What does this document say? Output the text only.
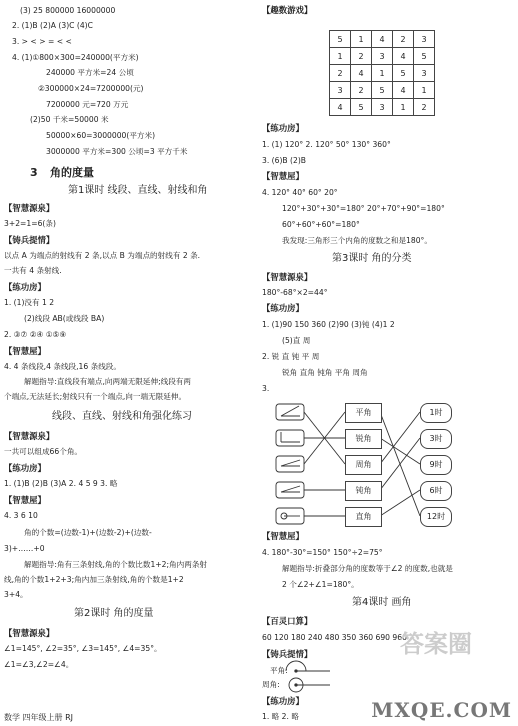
(3) 25 800000 16000000
2. (1)B (2)A (3)C (4)C
3. > < > = < <
4. (1)①800×300=240000(平方米)
240000 平方米=24 公顷
②300000×24=7200000(元)
7200000 元=720 万元
(2)50 千米=50000 米
50000×60=3000000(平方米)
3000000 平方米=300 公顷=3 平方千米
3 角的度量
第1课时 线段、直线、射线和角
【智慧源泉】
3+2=1=6(条)
【铸兵提情】
以点 A 为端点的射线有 2 条,以点 B 为端点的射线有 2 条.
一共有 4 条射线.
【练功房】
1. (1)没有 1 2
(2)线段 AB(或线段 BA)
2. ③⑦ ②④ ①⑤⑨
【智慧屋】
4. 4 条线段,4 条线段,16 条线段。
解题指导:直线段有端点,向两端无限延伸;线段有两
个端点,无法延长;射线只有一个端点,向一端无限延伸。
线段、直线、射线和角强化练习
【智慧源泉】
一共可以组成66个角。
【练功房】
1. (1)B (2)B (3)A 2. 4 5 9 3. 略
【智慧屋】
4. 3 6 10
角的个数=(边数-1)+(边数-2)+(边数-
3)+……+0
解题指导:角有三条射线,角的个数比数1+2;角内两条射
线,角的个数1+2+3;角内加三条射线,角的个数是1+2
3+4。
第2课时 角的度量
【智慧源泉】
∠1=145°, ∠2=35°, ∠3=145°, ∠4=35°。
∠1=∠3,∠2=∠4。
【趣数游戏】
5	1	4	2	3
1	2	3	4	5
2	4	1	5	3
3	2	5	4	1
4	5	3	1	2
【练功房】
1. (1) 120° 2. 120° 50° 130° 360°
3. (6)B (2)B
【智慧屋】
4. 120° 40° 60° 20°
120°+30°+30°=180° 20°+70°+90°=180°
60°+60°+60°=180°
我发现:三角形三个内角的度数之和是180°。
第3课时 角的分类
【智慧源泉】
180°-68°×2=44°
【练功房】
1. (1)90 150 360 (2)90 (3)钝 (4)1 2
(5)直 周
2. 锐 直 钝 平 周
锐角 直角 钝角 平角 周角
3.
平角
锐角
周角
钝角
直角
1时
3时
9时
6时
12时
【智慧屋】
4. 180°-30°=150° 150°÷2=75°
解题指导:折叠部分角的度数等于∠2 的度数,也就是
2 个∠2+∠1=180°。
第4课时 画角
【百灵口算】
60 120 180 240 480 350 360 690 960
【铸兵提情】
平角:
周角:
【练功房】
1. 略 2. 略
数学 四年级上册 RJ	MXQE.COM
答案圈
